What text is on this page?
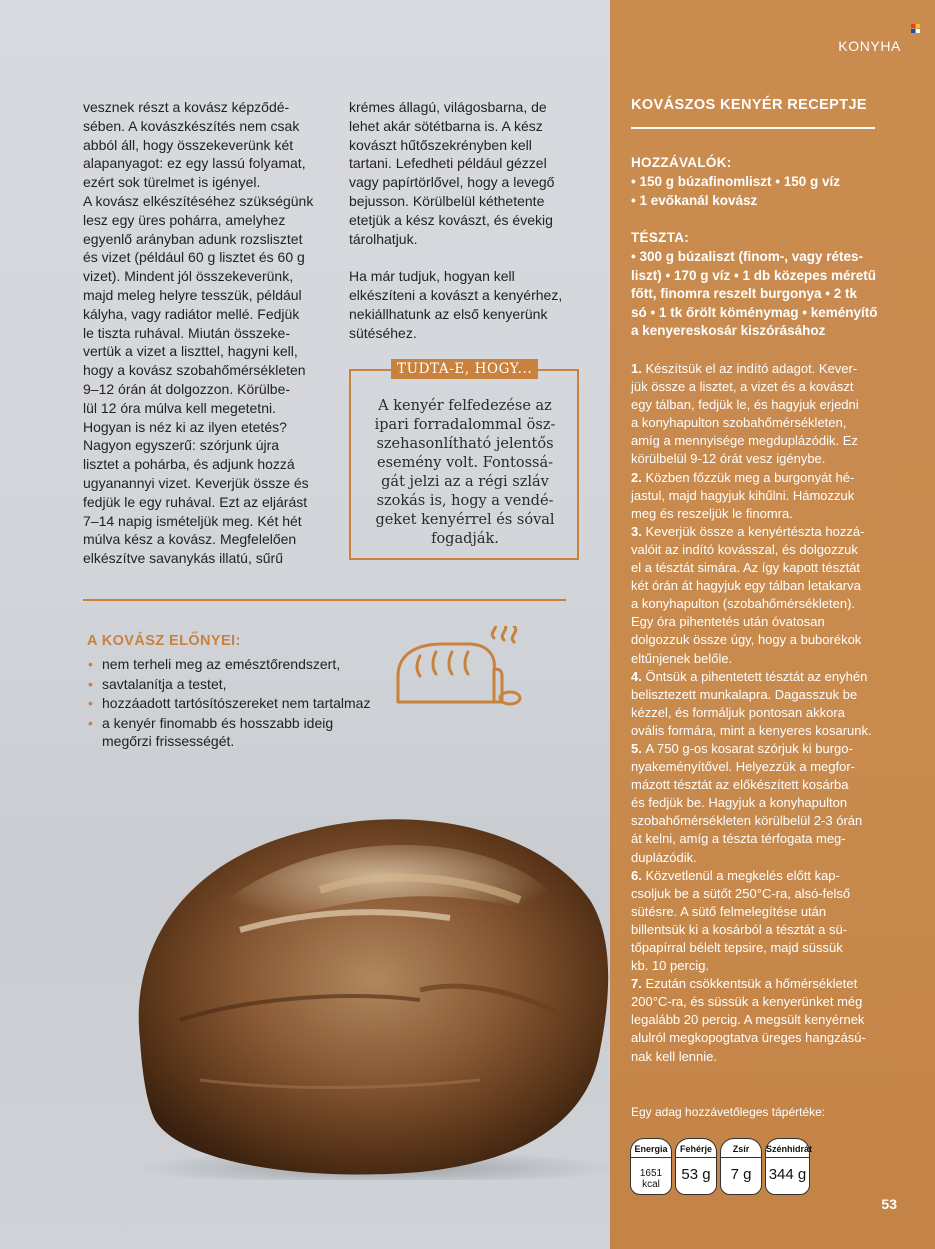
vesznek részt a kovász képződé-

sében. A kovászkészítés nem csak

abból áll, hogy összekeverünk két

alapanyagot: ez egy lassú folyamat,

ezért sok türelmet is igényel.

A kovász elkészítéséhez szükségünk

lesz egy üres pohárra, amelyhez

egyenlő arányban adunk rozslisztet

és vizet (például 60 g lisztet és 60 g

vizet). Mindent jól összekeverünk,

majd meleg helyre tesszük, például

kályha, vagy radiátor mellé. Fedjük

le tiszta ruhával. Miután összeke-

vertük a vizet a liszttel, hagyni kell,

hogy a kovász szobahőmérsékleten

9–12 órán át dolgozzon. Körülbe-

lül 12 óra múlva kell megetetni.

Hogyan is néz ki az ilyen etetés?

Nagyon egyszerű: szórjunk újra

lisztet a pohárba, és adjunk hozzá

ugyanannyi vizet. Keverjük össze és

fedjük le egy ruhával. Ezt az eljárást

7–14 napig ismételjük meg. Két hét

múlva kész a kovász. Megfelelően

elkészítve savanykás illatú, sűrű

krémes állagú, világosbarna, de

lehet akár sötétbarna is. A kész

kovászt hűtőszekrényben kell

tartani. Lefedheti például gézzel

vagy papírtörlővel, hogy a levegő

bejusson. Körülbelül kéthetente

etetjük a kész kovászt, és évekig

tárolhatjuk.

Ha már tudjuk, hogyan kell

elkészíteni a kovászt a kenyérhez,

nekiállhatunk az első kenyerünk

sütéséhez.

TUDTA-E, HOGY...

A kenyér felfedezése az

ipari forradalommal ösz-

szehasonlítható jelentős

esemény volt. Fontossá-

gát jelzi az a régi szláv

szokás is, hogy a vendé-

geket kenyérrel és sóval

fogadják.

A KOVÁSZ ELŐNYEI:
• nem terheli meg az emésztőrendszert,
• savtalanítja a testet,
• hozzáadott tartósítószereket nem tartalmaz
• a kenyér finomabb és hosszabb ideig megőrzi frissességét.
KONYHA
KOVÁSZOS KENYÉR RECEPTJE
HOZZÁVALÓK:

• 150 g búzafinomliszt • 150 g víz

• 1 evőkanál kovász

TÉSZTA:

• 300 g búzaliszt (finom-, vagy rétes-

liszt) • 170 g víz • 1 db közepes méretű

főtt, finomra reszelt burgonya • 2 tk

só • 1 tk őrölt köménymag • keményítő

a kenyereskosár kiszórásához

1. Készítsük el az indító adagot. Kever-

jük össze a lisztet, a vizet és a kovászt

egy tálban, fedjük le, és hagyjuk erjedni

a konyhapulton szobahőmérsékleten,

amíg a mennyisége megduplázódik. Ez

körülbelül 9-12 órát vesz igénybe.

2. Közben főzzük meg a burgonyát hé-

jastul, majd hagyjuk kihűlni. Hámozzuk

meg és reszeljük le finomra.

3. Keverjük össze a kenyértészta hozzá-

valóit az indító kovásszal, és dolgozzuk

el a tésztát simára. Az így kapott tésztát

két órán át hagyjuk egy tálban letakarva

a konyhapulton (szobahőmérsékleten).

Egy óra pihentetés után óvatosan

dolgozzuk össze úgy, hogy a buborékok

eltűnjenek belőle.

4. Öntsük a pihentetett tésztát az enyhén

belisztezett munkalapra. Dagasszuk be

kézzel, és formáljuk pontosan akkora

ovális formára, mint a kenyeres kosarunk.

5. A 750 g-os kosarat szórjuk ki burgo-

nyakeményítővel. Helyezzük a megfor-

mázott tésztát az előkészített kosárba

és fedjük be. Hagyjuk a konyhapulton

szobahőmérsékleten körülbelül 2-3 órán

át kelni, amíg a tészta térfogata meg-

duplázódik.

6. Közvetlenül a megkelés előtt kap-

csoljuk be a sütőt 250°C-ra, alsó-felső

sütésre. A sütő felmelegítése után

billentsük ki a kosárból a tésztát a sü-

tőpapírral bélelt tepsire, majd süssük

kb. 10 percig.

7. Ezután csökkentsük a hőmérsékletet

200°C-ra, és süssük a kenyerünket még

legalább 20 percig. A megsült kenyérnek

alulról megkopogtatva üreges hangzású-

nak kell lennie.

Egy adag hozzávetőleges tápértéke:
Energia
1651 kcal
Fehérje
53 g
Zsír
7 g
Szénhidrát
344 g
53
